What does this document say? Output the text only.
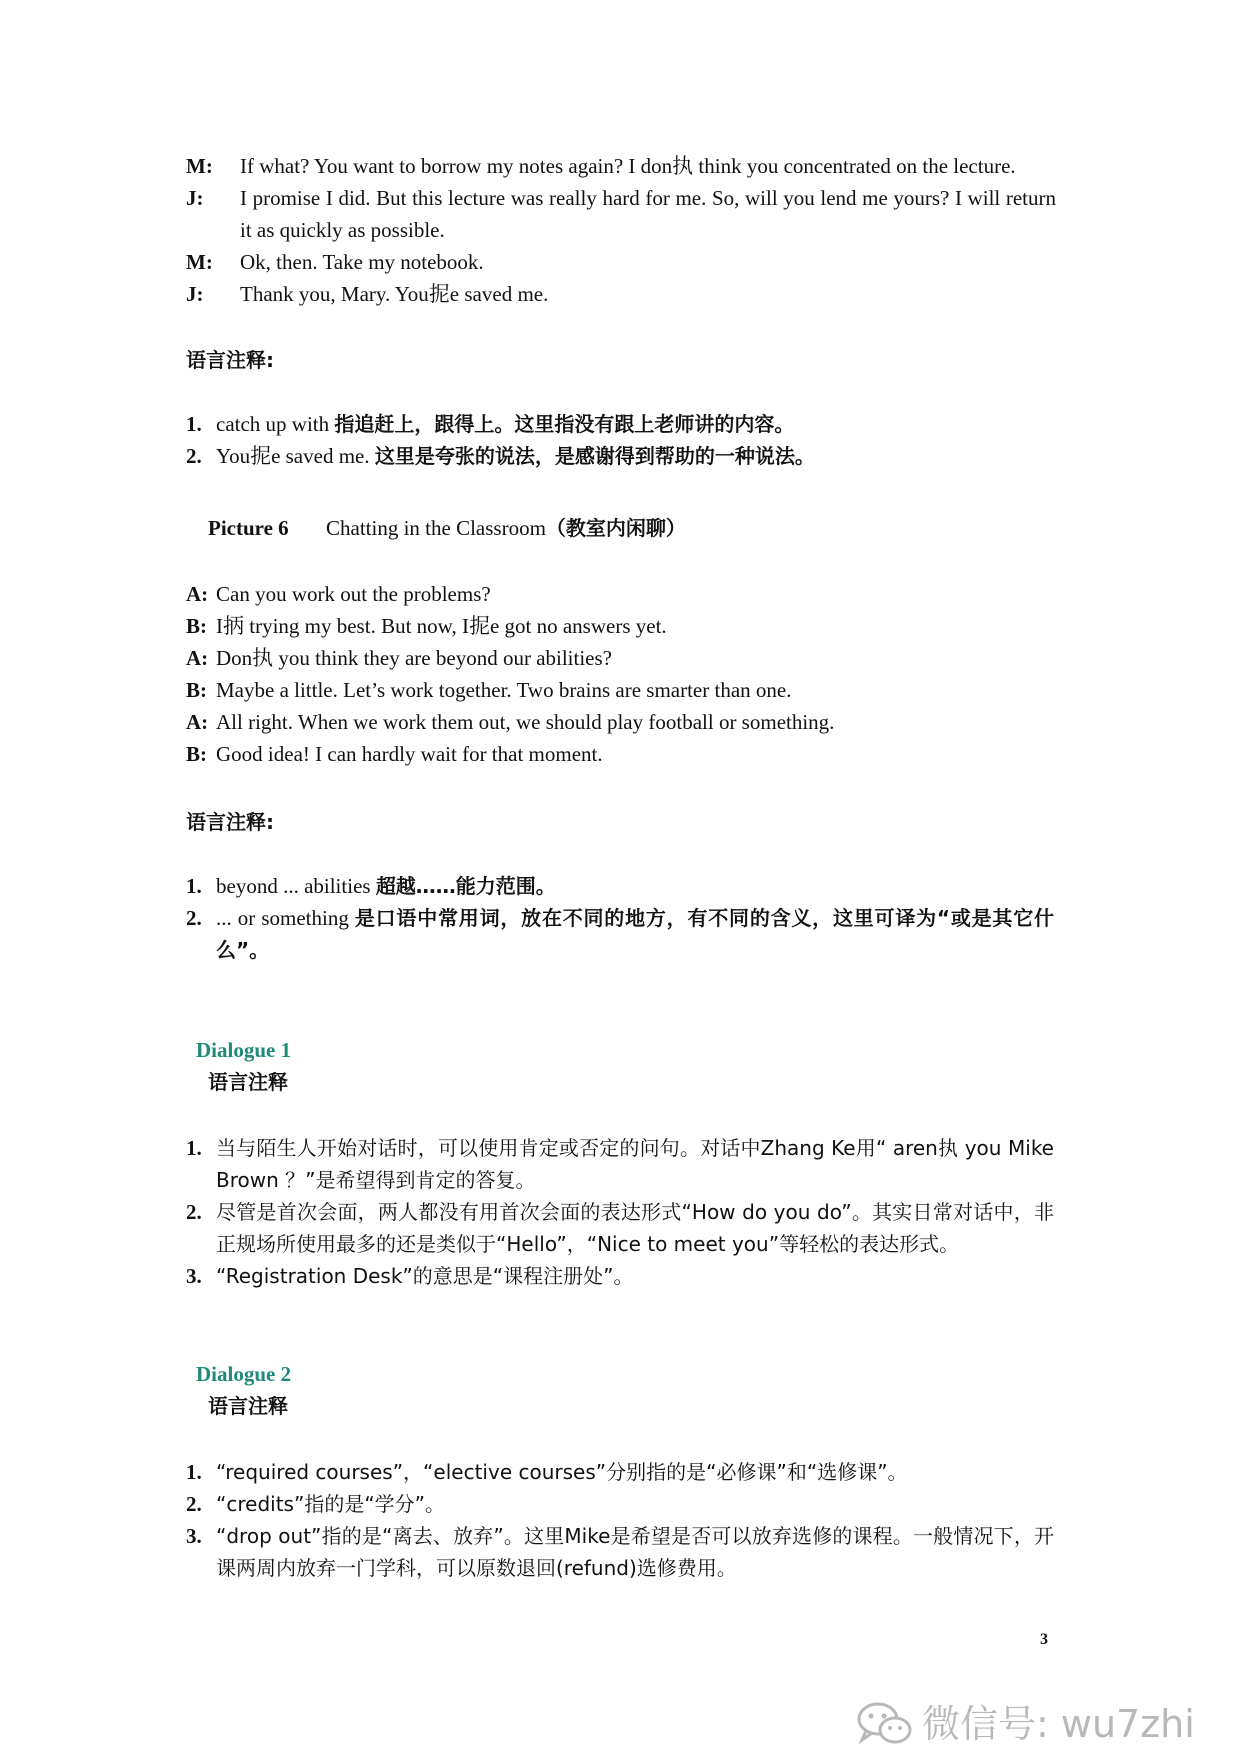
M:	If what? You want to borrow my notes again? I don执 think you concentrated on the lecture.
J:	I promise I did. But this lecture was really hard for me. So, will you lend me yours? I will return it as quickly as possible.
M:	Ok, then. Take my notebook.
J:	Thank you, Mary. You抳e saved me.
语言注释:
1. catch up with 指追赶上，跟得上。这里指没有跟上老师讲的内容。
2. You抳e saved me. 这里是夸张的说法，是感谢得到帮助的一种说法。
Picture 6	Chatting in the Classroom （教室内闲聊）
A: Can you work out the problems?
B: I抦 trying my best. But now, I抳e got no answers yet.
A: Don执 you think they are beyond our abilities?
B: Maybe a little. Let’s work together. Two brains are smarter than one.
A: All right. When we work them out, we should play football or something.
B: Good idea! I can hardly wait for that moment.
语言注释:
1. beyond ... abilities 超越……能力范围。
2. ... or something 是口语中常用词，放在不同的地方，有不同的含义，这里可译为“或是其它什么”。
Dialogue 1
语言注释
1. 当与陌生人开始对话时，可以使用肯定或否定的问句。对话中Zhang Ke用“ aren执 you Mike Brown ？”是希望得到肯定的答复。
2. 尽管是首次会面，两人都没有用首次会面的表达形式“How do you do”。其实日常对话中，非正规场所使用最多的还是类似于“Hello”，“Nice to meet you”等轻松的表达形式。
3. “Registration Desk”的意思是“课程注册处”。
Dialogue 2
语言注释
1. “required courses”，“elective courses”分别指的是“必修课”和“选修课”。
2. “credits”指的是“学分”。
3. “drop out”指的是“离去、放弃”。这里Mike是希望是否可以放弃选修的课程。一般情况下，开课两周内放弃一门学科，可以原数退回(refund)选修费用。
3
微信号: wu7zhi
